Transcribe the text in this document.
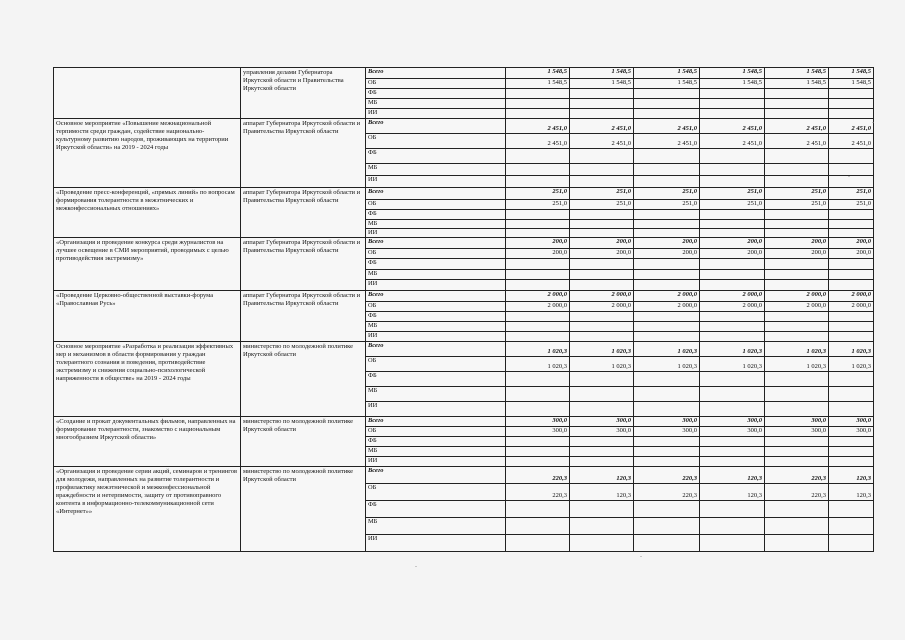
	управления делами Губернатора Иркутской области и Правительства Иркутской области	Всего	1 548,5	1 548,5	1 548,5	1 548,5	1 548,5	1 548,5
		ОБ	1 548,5	1 548,5	1 548,5	1 548,5	1 548,5	1 548,5
		ФБ						
		МБ						
		ИИ						
Основное мероприятие «Повышение межнациональной терпимости среди граждан, содействие национально-культурному развитию народов, проживающих на территории Иркутской области» на 2019 - 2024 годы	аппарат Губернатора Иркутской области и Правительства Иркутской области	Всего	2 451,0	2 451,0	2 451,0	2 451,0	2 451,0	2 451,0
		ОБ	2 451,0	2 451,0	2 451,0	2 451,0	2 451,0	2 451,0
		ФБ						
		МБ						
		ИИ						
«Проведение пресс-конференций, «прямых линий» по вопросам формирования толерантности в межэтнических и межконфессиональных отношениях»	аппарат Губернатора Иркутской области и Правительства Иркутской области	Всего	251,0	251,0	251,0	251,0	251,0	251,0
		ОБ	251,0	251,0	251,0	251,0	251,0	251,0
		ФБ						
		МБ						
		ИИ						
«Организация и проведение конкурса среди журналистов на лучшее освещение в СМИ мероприятий, проводимых с целью противодействия экстремизму»	аппарат Губернатора Иркутской области и Правительства Иркутской области	Всего	200,0	200,0	200,0	200,0	200,0	200,0
		ОБ	200,0	200,0	200,0	200,0	200,0	200,0
		ФБ						
		МБ						
		ИИ						
«Проведение Церковно-общественной выставки-форума «Православная Русь»	аппарат Губернатора Иркутской области и Правительства Иркутской области	Всего	2 000,0	2 000,0	2 000,0	2 000,0	2 000,0	2 000,0
		ОБ	2 000,0	2 000,0	2 000,0	2 000,0	2 000,0	2 000,0
		ФБ						
		МБ						
		ИИ						
Основное мероприятие «Разработка и реализация эффективных мер и механизмов в области формирования у граждан толерантного сознания и поведения, противодействие экстремизму и снижения социально-психологической напряженности в обществе» на 2019 - 2024 годы	министерство по молодежной политике Иркутской области	Всего	1 020,3	1 020,3	1 020,3	1 020,3	1 020,3	1 020,3
		ОБ	1 020,3	1 020,3	1 020,3	1 020,3	1 020,3	1 020,3
		ФБ						
		МБ						
		ИИ						
«Создание и прокат документальных фильмов, направленных на формирование толерантности, знакомство с национальным многообразием Иркутской области»	министерство по молодежной политике Иркутской области	Всего	300,0	300,0	300,0	300,0	300,0	300,0
		ОБ	300,0	300,0	300,0	300,0	300,0	300,0
		ФБ						
		МБ						
		ИИ						
«Организация и проведение серии акций, семинаров и тренингов для молодежи, направленных на развитие толерантности и профилактику межэтнической и межконфессиональной враждебности и нетерпимости, защиту от противоправного контента в информационно-телекоммуникационной сети «Интернет»»	министерство по молодежной политике Иркутской области	Всего	220,3	120,3	220,3	120,3	220,3	120,3
		ОБ	220,3	120,3	220,3	120,3	220,3	120,3
		ФБ						
		МБ						
		ИИ						
